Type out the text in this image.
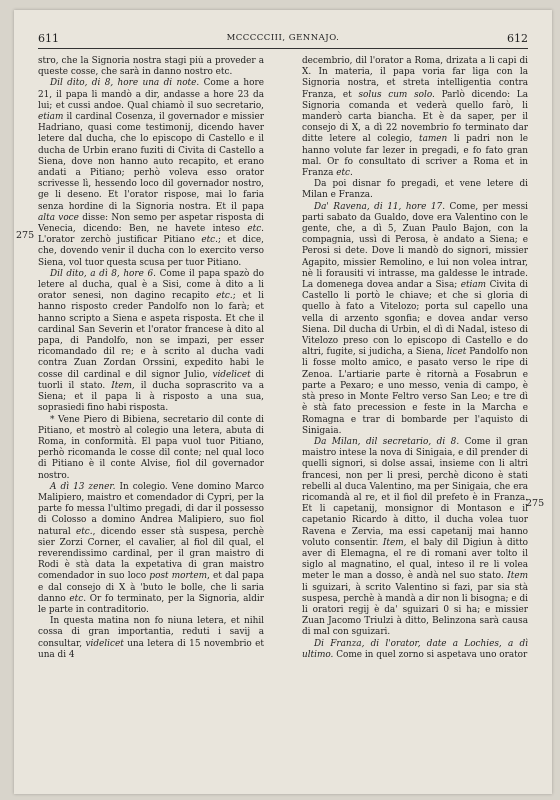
611	MCCCCCIII, GENNAJO.	612
275
275

stro, che la Signoria nostra stagi più a proveder a queste cosse, che sarà in danno nostro etc.

Dil dito, di 8, hore una di note. Come a hore 21, il papa li mandò a dir, andasse a hore 23 da lui; et cussi andoe. Qual chiamò il suo secretario, etiam il cardinal Cosenza, il governador e missier Hadriano, quasi come testimonij, dicendo haver letere dal ducha, che lo episcopo di Castello e il ducha de Urbin erano fuziti di Civita di Castello a Siena, dove non hanno auto recapito, et erano andati a Pitiano; perhò voleva esso orator scrivesse lì, hessendo loco dil governador nostro, ge li deseno. Et l'orator rispose, mai lo faria senza hordine di la Signoria nostra. Et il papa alta voce disse: Non semo per aspetar risposta di Venecia, dicendo: Ben, ne havete inteso etc. L'orator zerchò justificar Pitiano etc.; et dice, che, dovendo venir il ducha con lo exercito verso Siena, vol tuor questa scusa per tuor Pitiano.

Dil dito, a dì 8, hore 6. Come il papa spazò do letere al ducha, qual è a Sisi, come à dito a li orator senesi, non dagino recapito etc.; et li hanno risposto creder Pandolfo non lo farà; et hanno scripto a Siena e aspeta risposta. Et che il cardinal San Severin et l'orator francese à dito al papa, di Pandolfo, non se impazi, per esser ricomandado dil re; e à scrito al ducha vadi contra Zuan Zordan Orssini, expedito habi le cosse dil cardinal e dil signor Julio, videlicet di tuorli il stato. Item, il ducha soprascrito va a Siena; et il papa li à risposto a una sua, soprasiedi fino habi risposta.

* Vene Piero di Bibiena, secretario dil conte di Pitiano, et mostrò al colegio una letera, abuta di Roma, in conformità. El papa vuol tuor Pitiano, perhò ricomanda le cosse dil conte; nel qual loco di Pitiano è il conte Alvise, fiol dil governador nostro.

A dì 13 zener. In colegio. Vene domino Marco Malipiero, maistro et comendador di Cypri, per la parte fo messa l'ultimo pregadi, di dar il possesso di Colosso a domino Andrea Malipiero, suo fiol natural etc., dicendo esser stà suspesa, perchè sier Zorzi Corner, el cavalier, al fiol dil qual, el reverendissimo cardinal, per il gran maistro di Rodi è stà data la expetativa di gran maistro comendador in suo loco post mortem, et dal papa e dal consejo di X à 'buto le bolle, che li saria danno etc. Or fo terminato, per la Signoria, aldir le parte in contraditorio.

In questa matina non fo niuna letera, et nihil cossa di gran importantia, reduti i savij a consultar, videlicet una letera di 15 novembrio et una di 4

decembrio, dil l'orator a Roma, drizata a li capi di X. In materia, il papa voria far liga con la Signoria nostra, et streta intelligentia contra Franza, et solus cum solo. Parlò dicendo: La Signoria comanda et vederà quello farò, li manderò carta biancha. Et è da saper, per il consejo di X, a dì 22 novembrio fo terminato dar ditte letere al colegio, tamen li padri non le hanno volute far lezer in pregadi, e fo fato gran mal. Or fo consultato di scriver a Roma et in Franza etc.

Da poi disnar fo pregadi, et vene letere di Milan e Franza.

Da' Ravena, di 11, hore 17. Come, per messi parti sabato da Gualdo, dove era Valentino con le gente, che, a dì 5, Zuan Paulo Bajon, con la compagnia, ussì di Perosa, è andato a Siena; e Perosi si dete. Dove li mandò do signori, missier Agapito, missier Remolino, e lui non volea intrar, nè li forausiti vi intrasse, ma galdesse le intrade. La domenega dovea andar a Sisa; etiam Civita di Castello li portò le chiave; et che si gloria di quello à fato a Vitelozo; porta sul capello una vella di arzento sgonfia; e dovea andar verso Siena. Dil ducha di Urbin, el dì di Nadal, isteso di Vitelozo preso con lo episcopo di Castello e do altri, fugite, si judicha, a Siena, licet Pandolfo non li fosse molto amico, e pasato verso le ripe di Zenoa. L'artiarie parte è ritornà a Fosabrun e parte a Pexaro; e uno messo, venia di campo, è stà preso in Monte Feltro verso San Leo; e tre dì è stà fato precession e feste in la Marcha e Romagna e trar di bombarde per l'aquisto di Sinigaia.

Da Milan, dil secretario, di 8. Come il gran maistro intese la nova di Sinigaia, e dil prender di quelli signori, si dolse assai, insieme con li altri francesi, non per li presi, perchè dicono è stati rebelli al duca Valentino, ma per Sinigaia, che era ricomandà al re, et il fiol dil prefeto è in Franza. Et li capetanij, monsignor di Montason e il capetanio Ricardo à ditto, il ducha volea tuor Ravena e Zervia, ma essi capetanij mai hanno voluto consentir. Item, el baly dil Digiun à ditto aver di Elemagna, el re di romani aver tolto il siglo al magnatino, el qual, inteso il re li volea meter le man a dosso, è andà nel suo stato. Item li sguizari, à scrito Valentino si fazi, par sia stà suspesa, perchè à mandà a dir non li bisogna; e di li oratori regij è da' sguizari 0 si ha; e missier Zuan Jacomo Triulzi à ditto, Belinzona sarà causa di mal con sguizari.

Di Franza, di l'orator, date a Lochies, a dì ultimo. Come in quel zorno si aspetava uno orator
